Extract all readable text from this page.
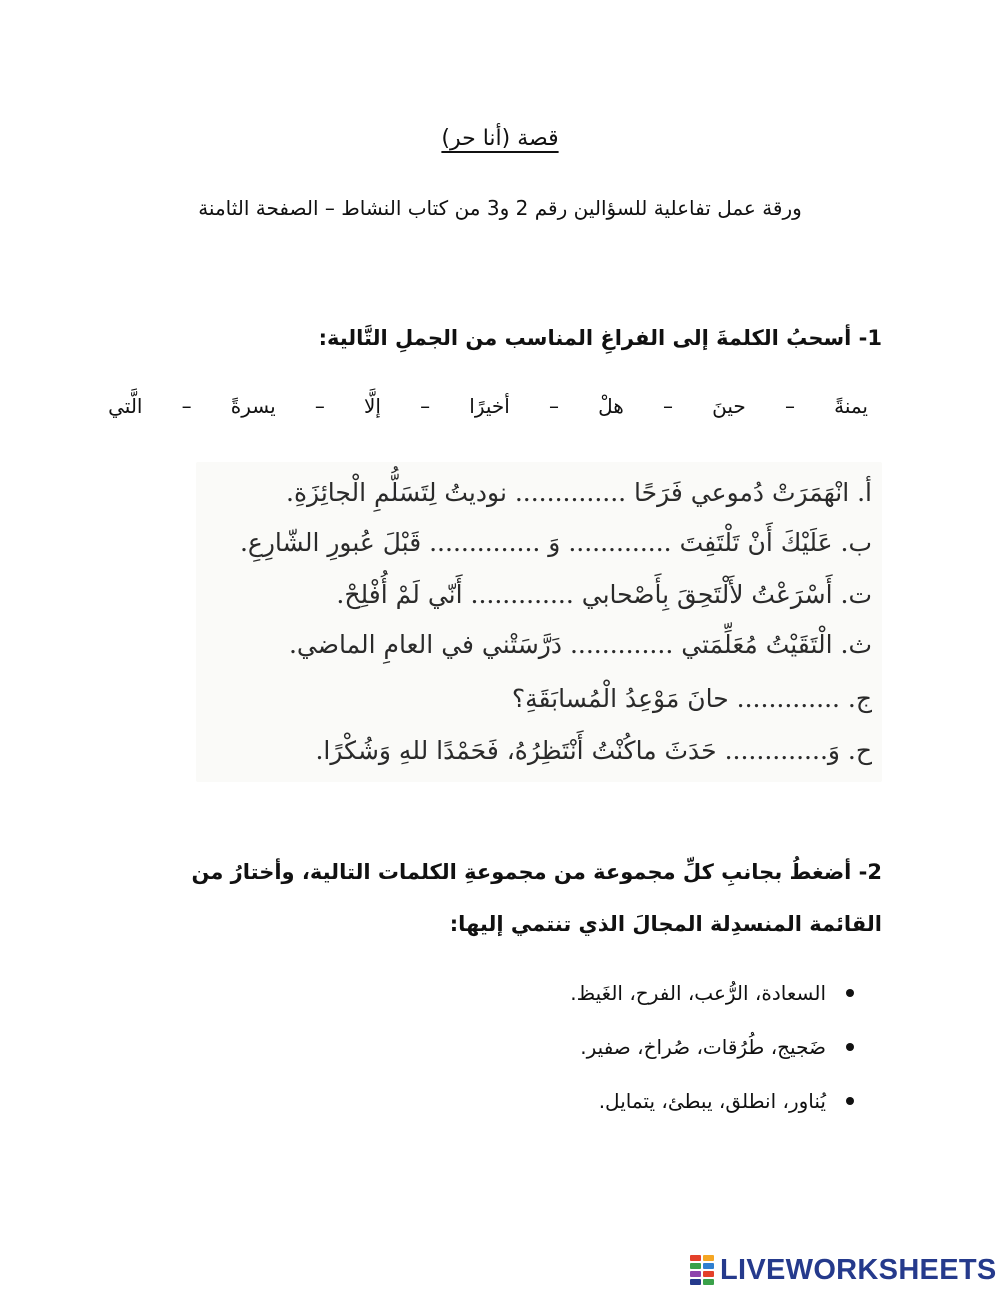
قصة (أنا حر)
ورقة عمل تفاعلية للسؤالين رقم 2 و3 من كتاب النشاط – الصفحة الثامنة
1- أسحبُ الكلمةَ إلى الفراغِ المناسب من الجملِ التَّالية:
يمنةً
–
حينَ
–
هلْ
–
أخيرًا
–
إلَّا
–
يسرةً
–
الَّتي
أ. انْهَمَرَتْ دُموعي فَرَحًا .............. نوديتُ لِتَسَلُّمِ الْجائِزَةِ.
ب. عَلَيْكَ أَنْ تَلْتَفِتَ ............. وَ .............. قَبْلَ عُبورِ الشّارِعِ.
ت. أَسْرَعْتُ لأَلْتَحِقَ بِأَصْحابي ............. أَنّي لَمْ أُفْلِحْ.
ث. الْتَقَيْتُ مُعَلِّمَتي ............. دَرَّسَتْني في العامِ الماضي.
ج. ............. حانَ مَوْعِدُ الْمُسابَقَةِ؟
ح. وَ............. حَدَثَ ماكُنْتُ أَنْتَظِرُهُ، فَحَمْدًا للهِ وَشُكْرًا.
2- أضغطُ بجانبِ كلِّ مجموعة من مجموعةِ الكلمات التالية، وأختارُ من القائمة المنسدِلة المجالَ الذي تنتمي إليها:
السعادة، الرُّعب، الفرح، الغَيظ.
ضَجيج، طُرُقات، صُراخ، صفير.
يُناور، انطلق، يبطئ، يتمايل.
LIVEWORKSHEETS
